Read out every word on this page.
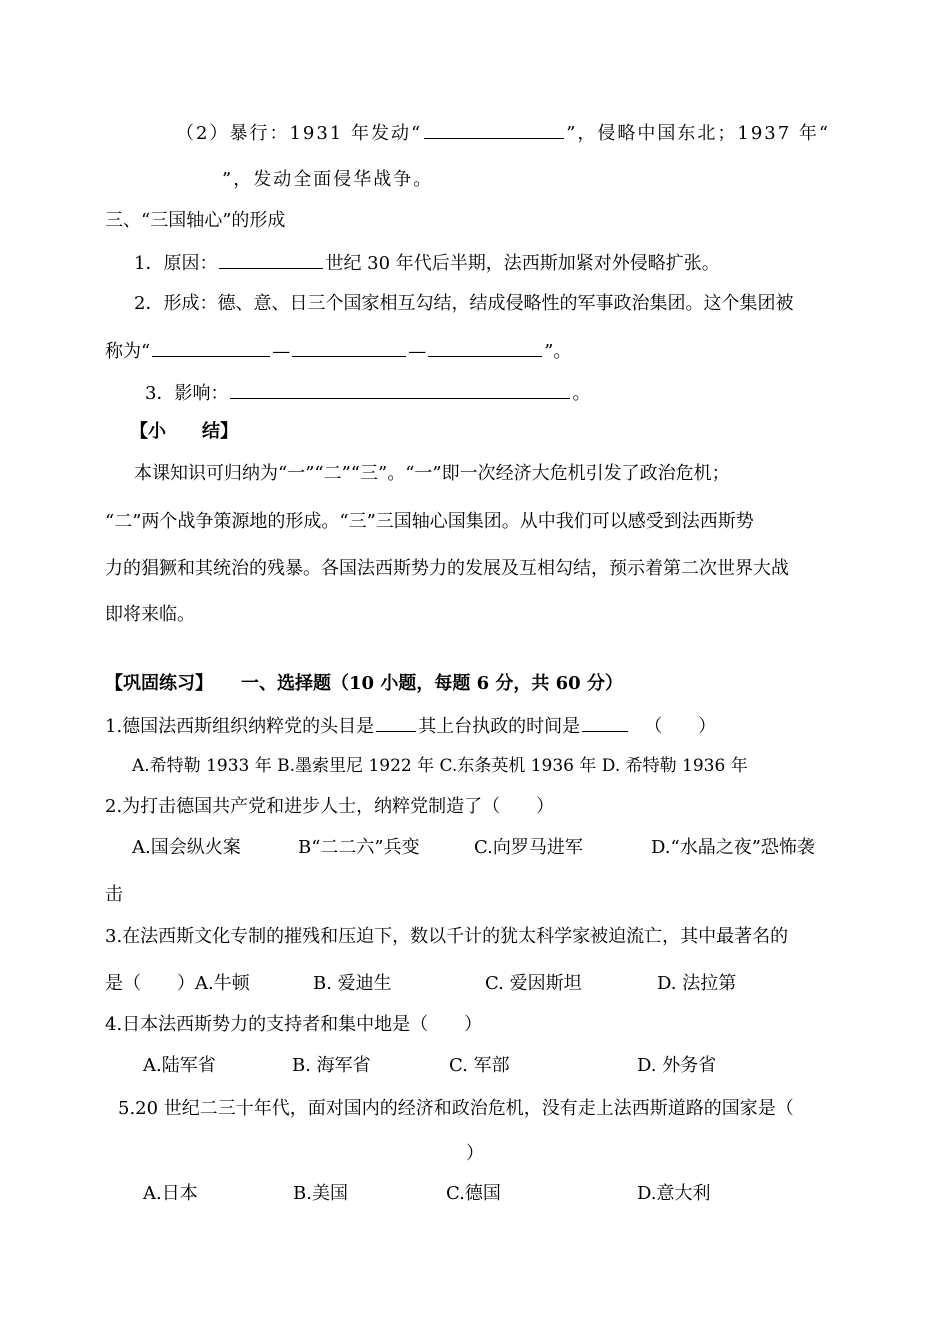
（2）暴行：1931 年发动“	”，侵略中国东北；1937 年“
”，发动全面侵华战争。
三、“三国轴心”的形成
1．原因：	世纪 30 年代后半期，法西斯加紧对外侵略扩张。
2．形成：德、意、日三个国家相互勾结，结成侵略性的军事政治集团。这个集团被
称为“	—	—	”。
3．影响：	。
【小　　结】
本课知识可归纳为“一”“二”“三”。“一”即一次经济大危机引发了政治危机；
“二”两个战争策源地的形成。“三”三国轴心国集团。从中我们可以感受到法西斯势
力的猖獗和其统治的残暴。各国法西斯势力的发展及互相勾结，预示着第二次世界大战
即将来临。
【巩固练习】 一、选择题（10 小题，每题 6 分，共 60 分）
1.德国法西斯组织纳粹党的头目是 其上台执政的时间是	（　　）
A.希特勒 1933 年 B.墨索里尼 1922 年 C.东条英机 1936 年 D. 希特勒 1936 年
2.为打击德国共产党和进步人士，纳粹党制造了（　　）
A.国会纵火案	B“二二六”兵变	C.向罗马进军	D.“水晶之夜”恐怖袭
击
3.在法西斯文化专制的摧残和压迫下，数以千计的犹太科学家被迫流亡，其中最著名的
是（　　）A.牛顿	B. 爱迪生	C. 爱因斯坦	D. 法拉第
4.日本法西斯势力的支持者和集中地是（　　）
A.陆军省	B. 海军省	C. 军部	D. 外务省
5.20 世纪二三十年代，面对国内的经济和政治危机，没有走上法西斯道路的国家是（
）
A.日本	B.美国	C.德国	D.意大利
